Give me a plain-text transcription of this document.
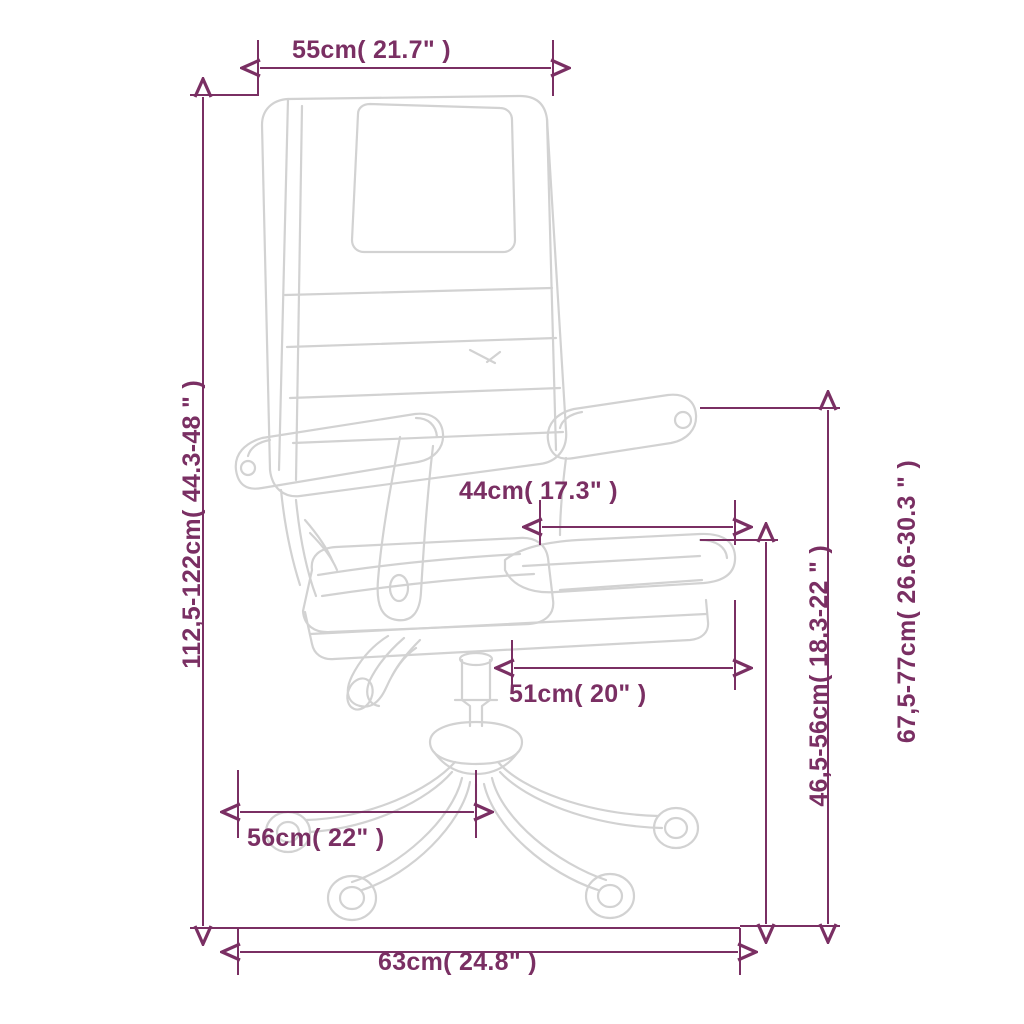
55cm( 21.7" )
112,5-122cm( 44.3-48 " )	44cm( 17.3" )
51cm( 20" )
56cm( 22" )
63cm( 24.8" )
46,5-56cm( 18.3-22 " ) 67,5-77cm( 26.6-30.3 " )
